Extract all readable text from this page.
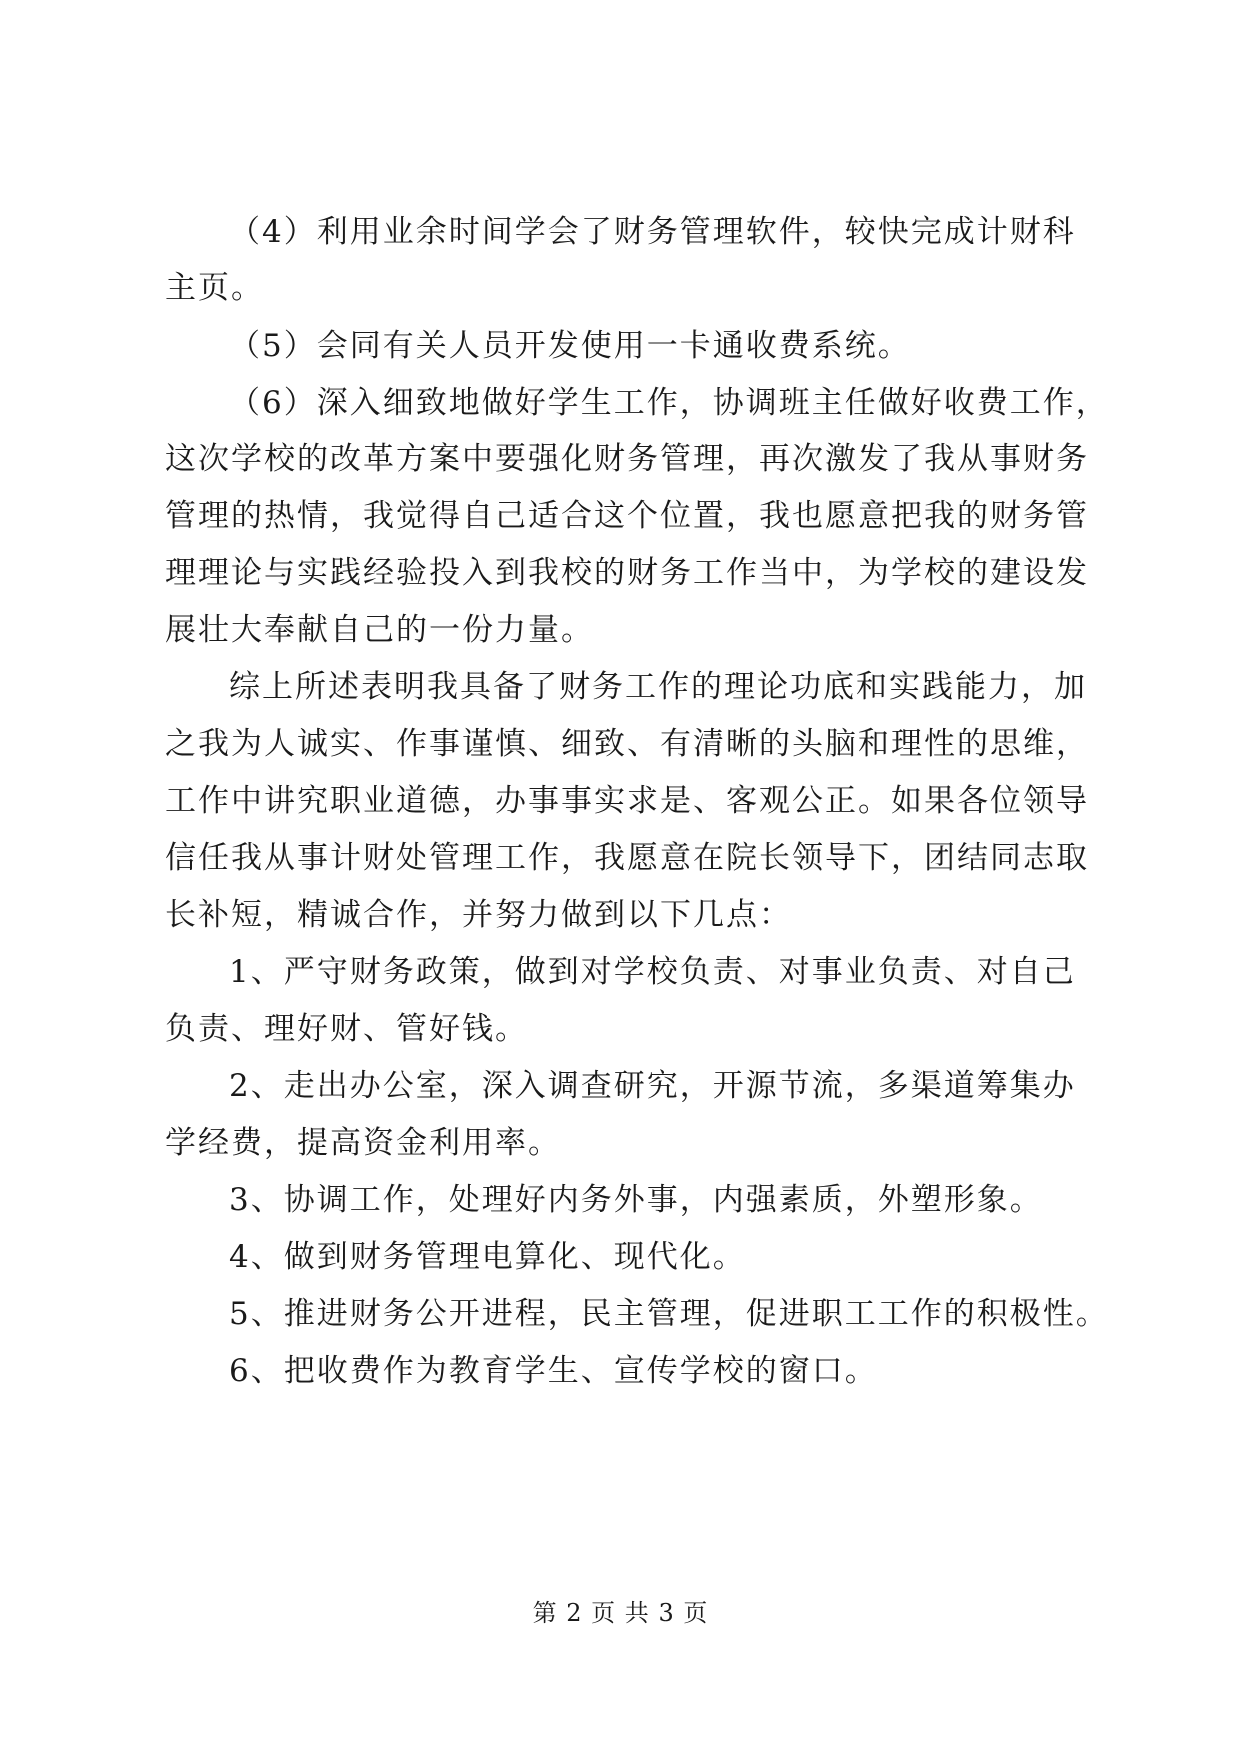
（4）利用业余时间学会了财务管理软件，较快完成计财科
主页。
（5）会同有关人员开发使用一卡通收费系统。
（6）深入细致地做好学生工作，协调班主任做好收费工作，
这次学校的改革方案中要强化财务管理，再次激发了我从事财务
管理的热情，我觉得自己适合这个位置，我也愿意把我的财务管
理理论与实践经验投入到我校的财务工作当中，为学校的建设发
展壮大奉献自己的一份力量。
综上所述表明我具备了财务工作的理论功底和实践能力，加
之我为人诚实、作事谨慎、细致、有清晰的头脑和理性的思维，
工作中讲究职业道德，办事事实求是、客观公正。如果各位领导
信任我从事计财处管理工作，我愿意在院长领导下，团结同志取
长补短，精诚合作，并努力做到以下几点：
1、严守财务政策，做到对学校负责、对事业负责、对自己
负责、理好财、管好钱。
2、走出办公室，深入调查研究，开源节流，多渠道筹集办
学经费，提高资金利用率。
3、协调工作，处理好内务外事，内强素质，外塑形象。
4、做到财务管理电算化、现代化。
5、推进财务公开进程，民主管理，促进职工工作的积极性。
6、把收费作为教育学生、宣传学校的窗口。
第 2 页 共 3 页
